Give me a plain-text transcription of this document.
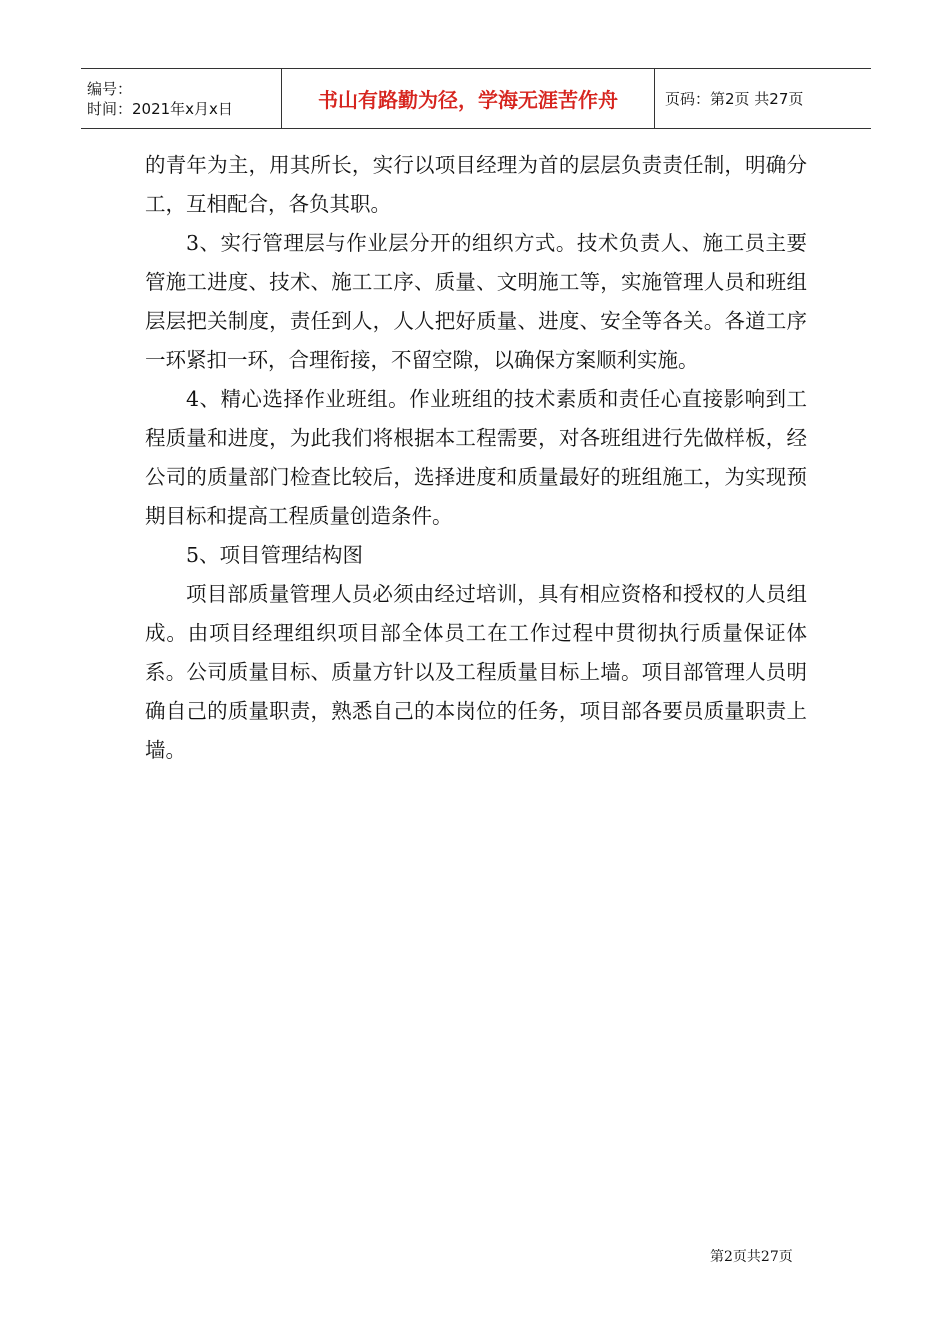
编号：
时间：2021年x月x日	书山有路勤为径，学海无涯苦作舟	页码：第2页 共27页

的青年为主，用其所长，实行以项目经理为首的层层负责责任制，明确分工，互相配合，各负其职。

3、实行管理层与作业层分开的组织方式。技术负责人、施工员主要管施工进度、技术、施工工序、质量、文明施工等，实施管理人员和班组层层把关制度，责任到人，人人把好质量、进度、安全等各关。各道工序一环紧扣一环，合理衔接，不留空隙，以确保方案顺利实施。

4、精心选择作业班组。作业班组的技术素质和责任心直接影响到工程质量和进度，为此我们将根据本工程需要，对各班组进行先做样板，经公司的质量部门检查比较后，选择进度和质量最好的班组施工，为实现预期目标和提高工程质量创造条件。

5、项目管理结构图

项目部质量管理人员必须由经过培训，具有相应资格和授权的人员组成。由项目经理组织项目部全体员工在工作过程中贯彻执行质量保证体系。公司质量目标、质量方针以及工程质量目标上墙。项目部管理人员明确自己的质量职责，熟悉自己的本岗位的任务，项目部各要员质量职责上墙。

第2页共27页
